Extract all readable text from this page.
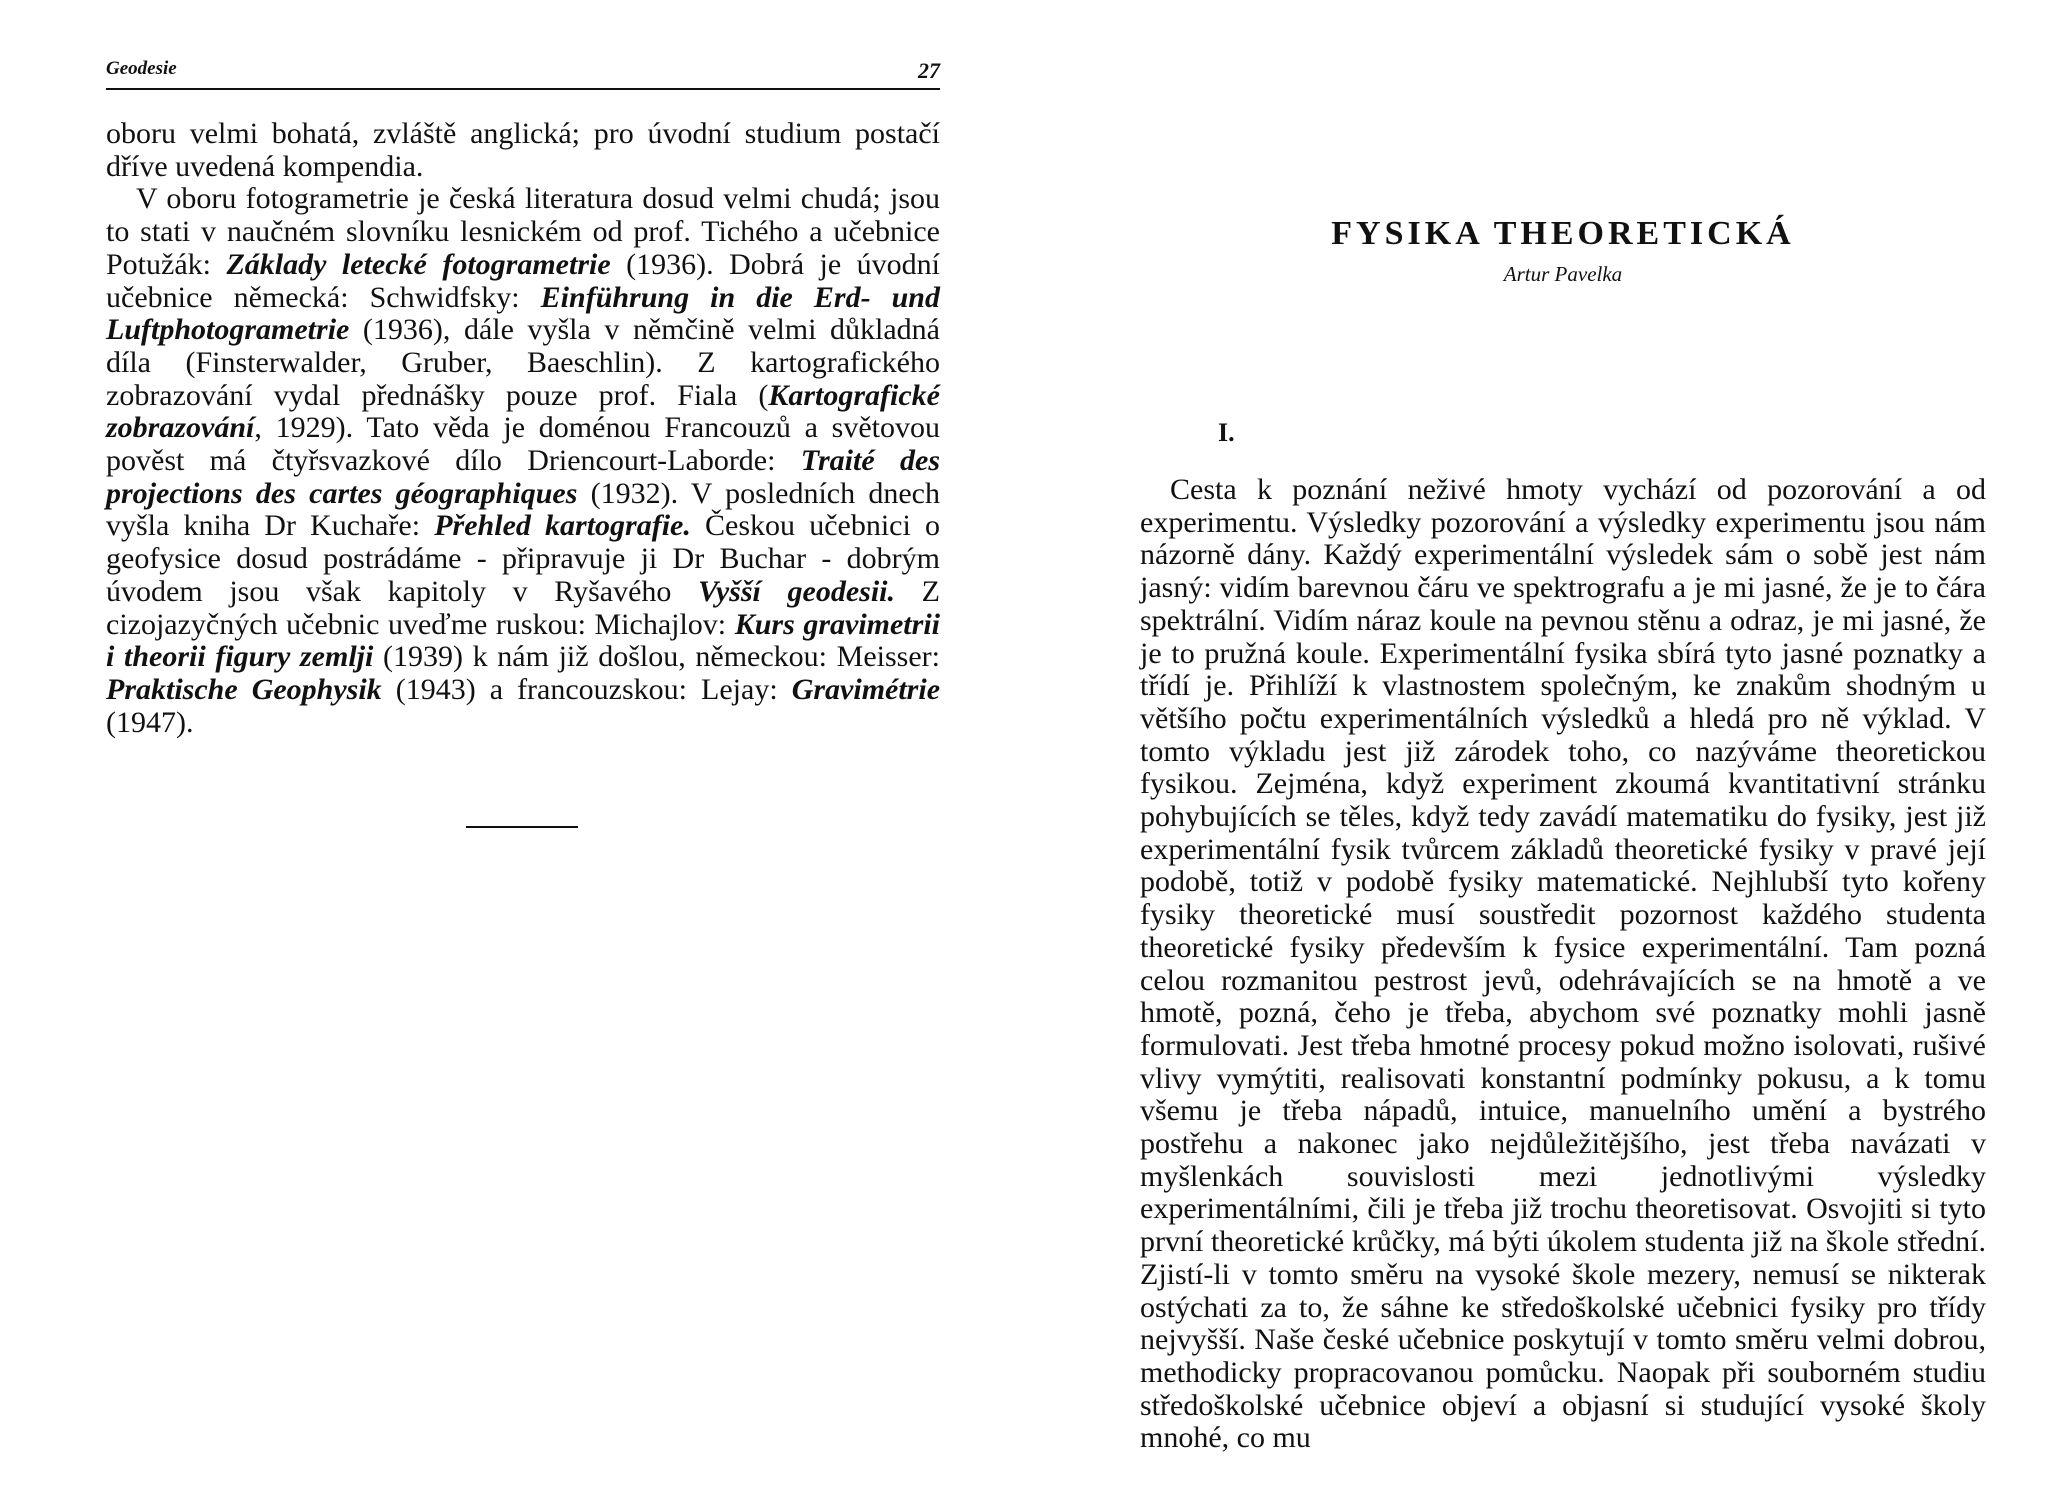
Geodesie	27

oboru velmi bohatá, zvláště anglická; pro úvodní studium postačí dříve uvedená kompendia.

V oboru fotogrametrie je česká literatura dosud velmi chudá; jsou to stati v naučném slovníku lesnickém od prof. Tichého a učebnice Potužák: Základy letecké fotogrametrie (1936). Dobrá je úvodní učebnice německá: Schwidfsky: Einführung in die Erd- und Luftphotogrametrie (1936), dále vyšla v němčině velmi důkladná díla (Finsterwalder, Gruber, Baeschlin). Z kartografického zobrazování vydal přednášky pouze prof. Fiala (Kartografické zobrazování, 1929). Tato věda je doménou Francouzů a světovou pověst má čtyřsvazkové dílo Driencourt-Laborde: Traité des projections des cartes géographiques (1932). V posledních dnech vyšla kniha Dr Kuchaře: Přehled kartografie. Českou učebnici o geofysice dosud postrádáme - připravuje ji Dr Buchar - dobrým úvodem jsou však kapitoly v Ryšavého Vyšší geodesii. Z cizojazyčných učebnic uveďme ruskou: Michajlov: Kurs gravimetrii i theorii figury zemlji (1939) k nám již došlou, německou: Meisser: Praktische Geophysik (1943) a francouzskou: Lejay: Gravimétrie (1947).

FYSIKA THEORETICKÁ
Artur Pavelka
I.

Cesta k poznání neživé hmoty vychází od pozorování a od experimentu. Výsledky pozorování a výsledky experimentu jsou nám názorně dány. Každý experimentální výsledek sám o sobě jest nám jasný: vidím barevnou čáru ve spektrografu a je mi jasné, že je to čára spektrální. Vidím náraz koule na pevnou stěnu a odraz, je mi jasné, že je to pružná koule. Experimentální fysika sbírá tyto jasné poznatky a třídí je. Přihlíží k vlastnostem společným, ke znakům shodným u většího počtu experimentálních výsledků a hledá pro ně výklad. V tomto výkladu jest již zárodek toho, co nazýváme theoretickou fysikou. Zejména, když experiment zkoumá kvantitativní stránku pohybujících se těles, když tedy zavádí matematiku do fysiky, jest již experimentální fysik tvůrcem základů theoretické fysiky v pravé její podobě, totiž v podobě fysiky matematické. Nejhlubší tyto kořeny fysiky theoretické musí soustředit pozornost každého studenta theoretické fysiky především k fysice experimentální. Tam pozná celou rozmanitou pestrost jevů, odehrávajících se na hmotě a ve hmotě, pozná, čeho je třeba, abychom své poznatky mohli jasně formulovati. Jest třeba hmotné procesy pokud možno isolovati, rušivé vlivy vymýtiti, realisovati konstantní podmínky pokusu, a k tomu všemu je třeba nápadů, intuice, manuelního umění a bystrého postřehu a nakonec jako nejdůležitějšího, jest třeba navázati v myšlenkách souvislosti mezi jednotlivými výsledky experimentálními, čili je třeba již trochu theoretisovat. Osvojiti si tyto první theoretické krůčky, má býti úkolem studenta již na škole střední. Zjistí-li v tomto směru na vysoké škole mezery, nemusí se nikterak ostýchati za to, že sáhne ke středoškolské učebnici fysiky pro třídy nejvyšší. Naše české učebnice poskytují v tomto směru velmi dobrou, methodicky propracovanou pomůcku. Naopak při souborném studiu středoškolské učebnice objeví a objasní si studující vysoké školy mnohé, co mu
